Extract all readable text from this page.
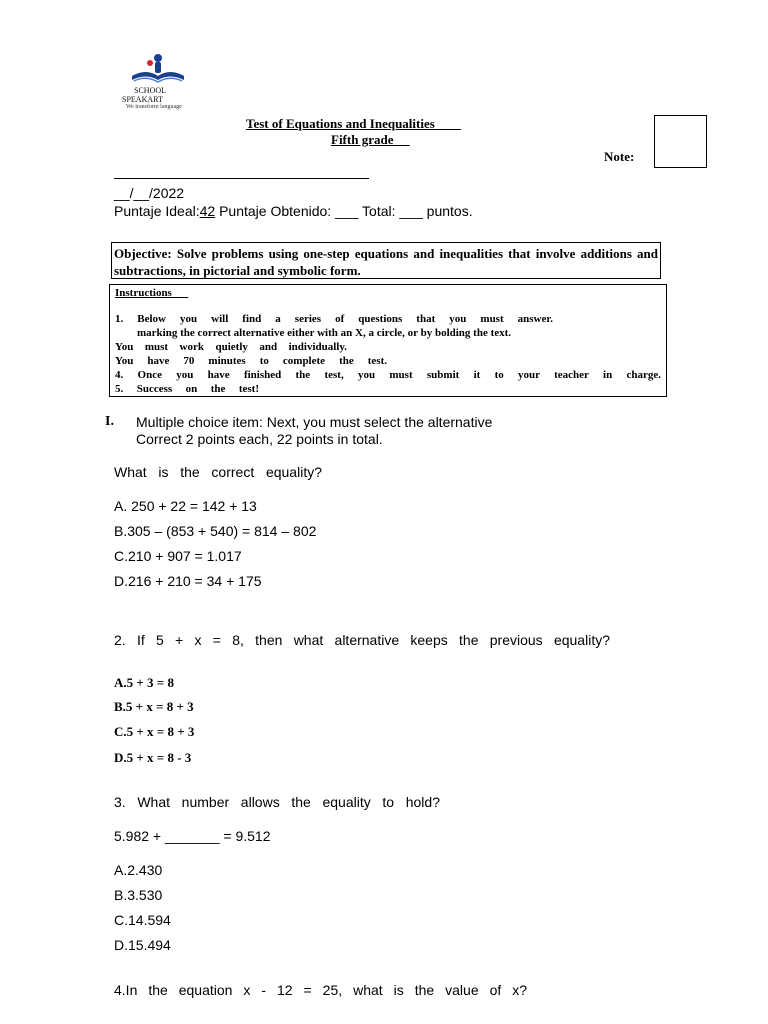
SCHOOL
SPEAKART
We transform language
Test of Equations and Inequalities
Fifth grade
Note:
__/__/2022
Puntaje Ideal:42 Puntaje Obtenido: ___ Total: ___ puntos.
Objective: Solve problems using one-step equations and inequalities that involve additions and subtractions, in pictorial and symbolic form.
Instructions
1. Below you will find a series of questions that you must answer.
marking the correct alternative either with an X, a circle, or by bolding the text.
You must work quietly and individually.
You have 70 minutes to complete the test.
4. Once you have finished the test, you must submit it to your teacher in charge.
5. Success on the test!
I. Multiple choice item: Next, you must select the alternative
Correct 2 points each, 22 points in total.
What is the correct equality?
A. 250 + 22 = 142 + 13
B.305 – (853 + 540) = 814 – 802
C.210 + 907 = 1.017
D.216 + 210 = 34 + 175
2. If 5 + x = 8, then what alternative keeps the previous equality?
A.5 + 3 = 8
B.5 + x = 8 + 3
C.5 + x = 8 + 3
D.5 + x = 8 - 3
3. What number allows the equality to hold?
5.982 + _______ = 9.512
A.2.430
B.3.530
C.14.594
D.15.494
4.In the equation x - 12 = 25, what is the value of x?
